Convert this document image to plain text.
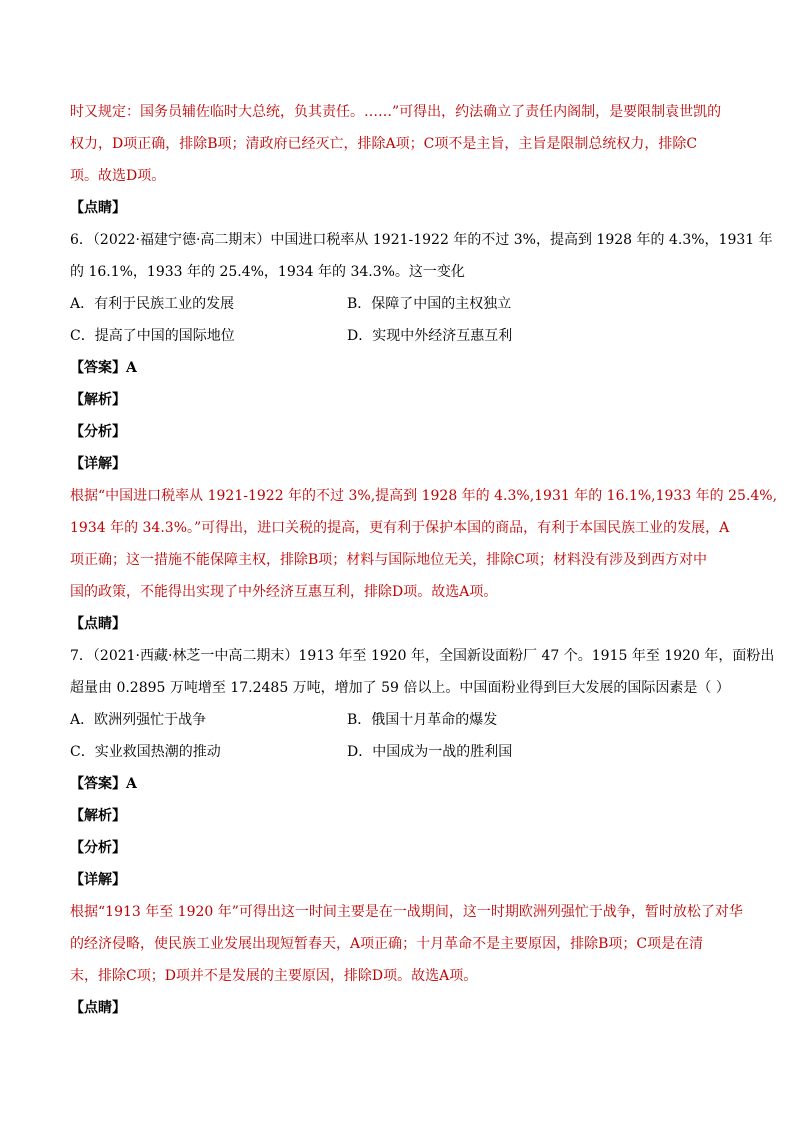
时又规定：国务员辅佐临时大总统，负其责任。……”可得出，约法确立了责任内阁制，是要限制袁世凯的
权力，D项正确，排除B项；清政府已经灭亡，排除A项；C项不是主旨，主旨是限制总统权力，排除C
项。故选D项。
【点睛】
6．（2022·福建宁德·高二期末）中国进口税率从 1921-1922 年的不过 3%，提高到 1928 年的 4.3%，1931 年
的 16.1%，1933 年的 25.4%，1934 年的 34.3%。这一变化
A．有利于民族工业的发展	B．保障了中国的主权独立
C．提高了中国的国际地位	D．实现中外经济互惠互利
【答案】A
【解析】
【分析】
【详解】
根据“中国进口税率从 1921-1922 年的不过 3%,提高到 1928 年的 4.3%,1931 年的 16.1%,1933 年的 25.4%,
1934 年的 34.3%。”可得出，进口关税的提高，更有利于保护本国的商品，有利于本国民族工业的发展，A
项正确；这一措施不能保障主权，排除B项；材料与国际地位无关，排除C项；材料没有涉及到西方对中
国的政策，不能得出实现了中外经济互惠互利，排除D项。故选A项。
【点睛】
7．（2021·西藏·林芝一中高二期末）1913 年至 1920 年，全国新设面粉厂 47 个。1915 年至 1920 年，面粉出
超量由 0.2895 万吨增至 17.2485 万吨，增加了 59 倍以上。中国面粉业得到巨大发展的国际因素是（ ）
A．欧洲列强忙于战争	B．俄国十月革命的爆发
C．实业救国热潮的推动	D．中国成为一战的胜利国
【答案】A
【解析】
【分析】
【详解】
根据“1913 年至 1920 年”可得出这一时间主要是在一战期间，这一时期欧洲列强忙于战争，暂时放松了对华
的经济侵略，使民族工业发展出现短暂春天，A项正确；十月革命不是主要原因，排除B项；C项是在清
末，排除C项；D项并不是发展的主要原因，排除D项。故选A项。
【点睛】
